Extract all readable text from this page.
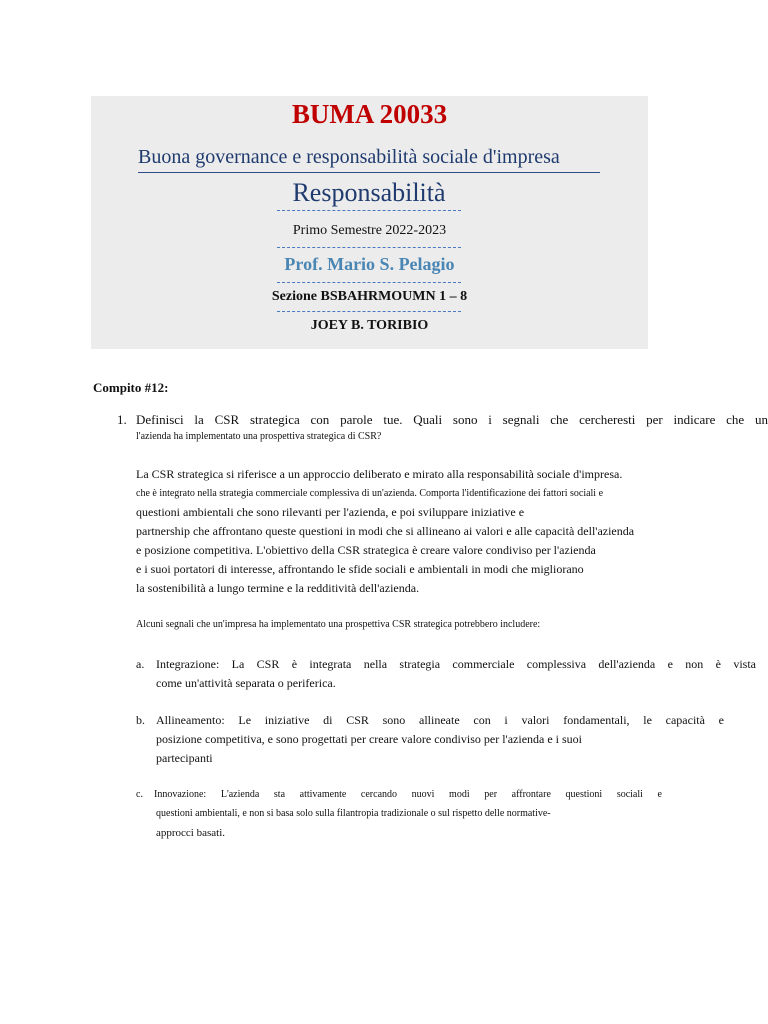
BUMA 20033
Buona governance e responsabilità sociale d'impresa
Responsabilità
Primo Semestre 2022-2023
Prof. Mario S. Pelagio
Sezione BSBAHRMOUMN 1 – 8
JOEY B. TORIBIO
Compito #12:
1. Definisci la CSR strategica con parole tue. Quali sono i segnali che cercheresti per indicare che un
l'azienda ha implementato una prospettiva strategica di CSR?
La CSR strategica si riferisce a un approccio deliberato e mirato alla responsabilità sociale d'impresa.
che è integrato nella strategia commerciale complessiva di un'azienda. Comporta l'identificazione dei fattori sociali e
questioni ambientali che sono rilevanti per l'azienda, e poi sviluppare iniziative e
partnership che affrontano queste questioni in modi che si allineano ai valori e alle capacità dell'azienda
e posizione competitiva. L'obiettivo della CSR strategica è creare valore condiviso per l'azienda
e i suoi portatori di interesse, affrontando le sfide sociali e ambientali in modi che migliorano
la sostenibilità a lungo termine e la redditività dell'azienda.
Alcuni segnali che un'impresa ha implementato una prospettiva CSR strategica potrebbero includere:
a. Integrazione: La CSR è integrata nella strategia commerciale complessiva dell'azienda e non è vista
come un'attività separata o periferica.
b. Allineamento: Le iniziative di CSR sono allineate con i valori fondamentali, le capacità e
posizione competitiva, e sono progettati per creare valore condiviso per l'azienda e i suoi
partecipanti
c. Innovazione: L'azienda sta attivamente cercando nuovi modi per affrontare questioni sociali e
questioni ambientali, e non si basa solo sulla filantropia tradizionale o sul rispetto delle normative-
approcci basati.
